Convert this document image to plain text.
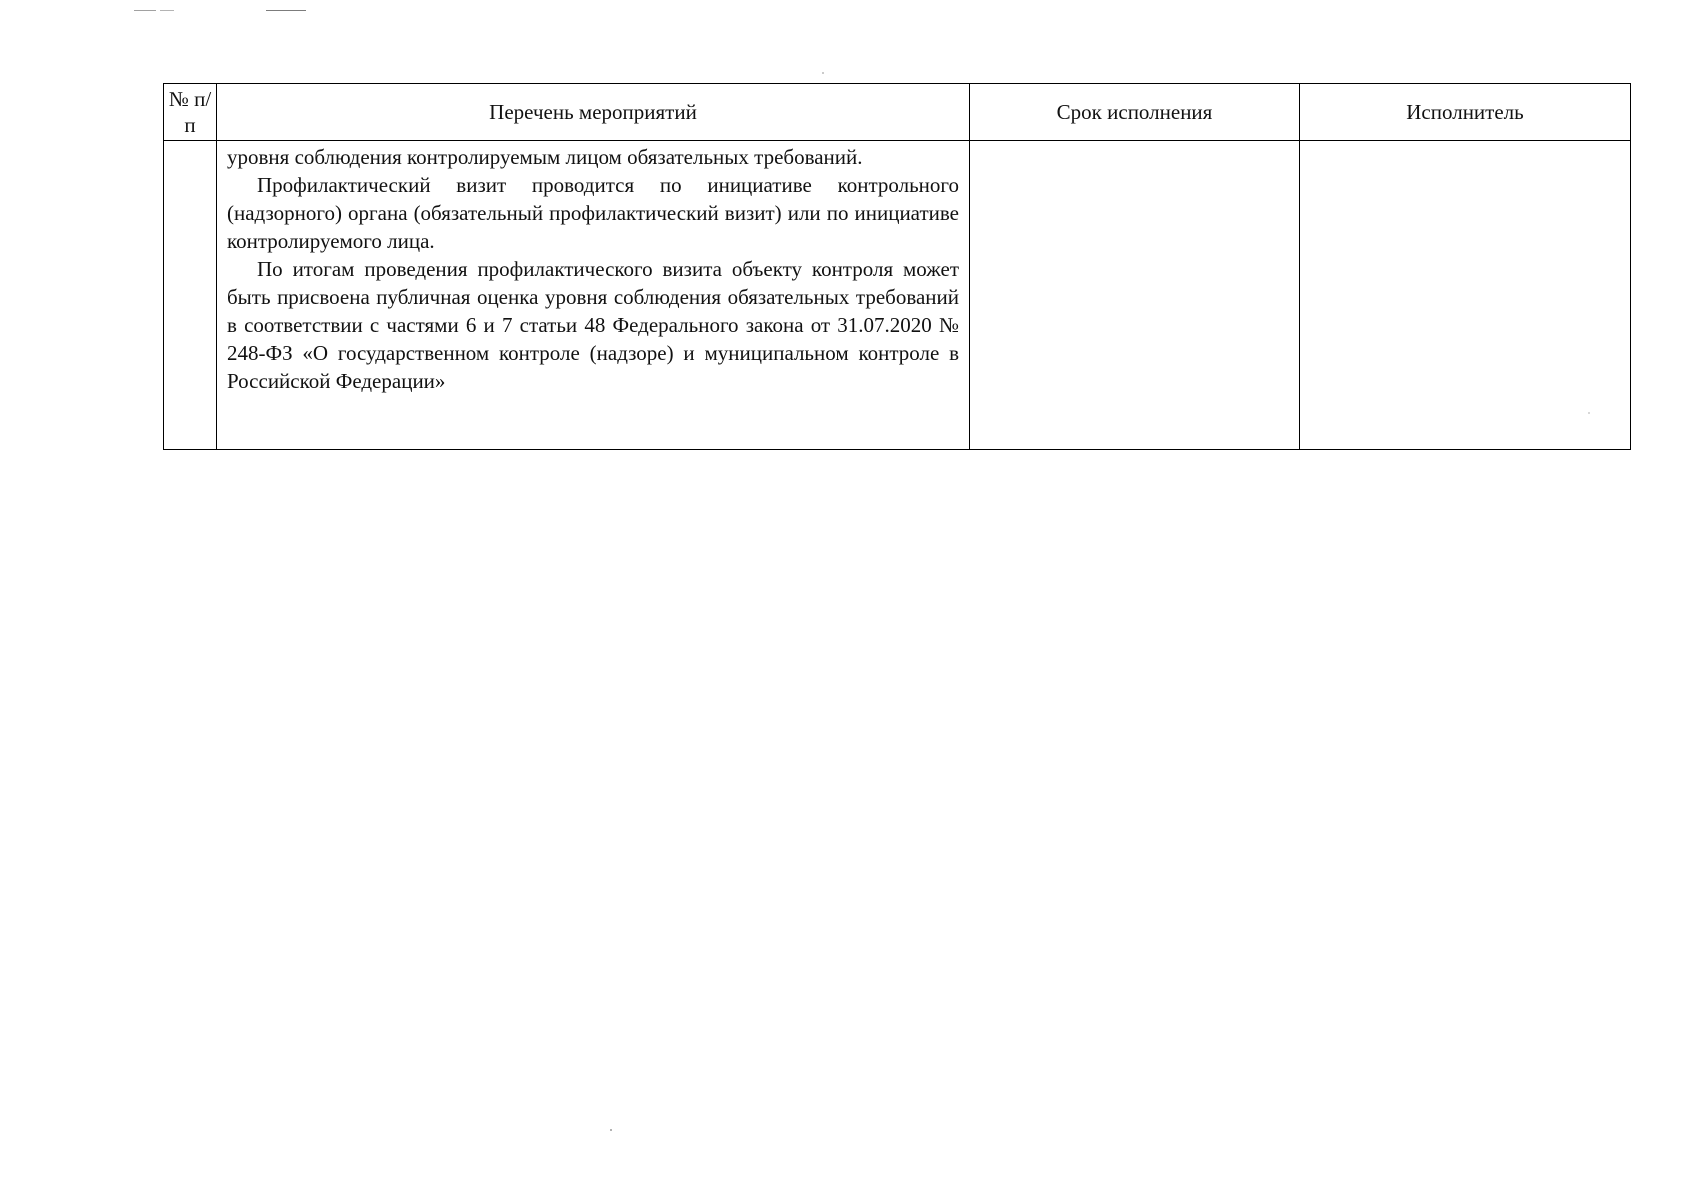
№ п/п	Перечень мероприятий	Срок исполнения	Исполнитель

	уровня соблюдения контролируемым лицом обязательных требований.

Профилактический визит проводится по инициативе контрольного (надзорного) органа (обязательный профилактический визит) или по инициативе контролируемого лица.

По итогам проведения профилактического визита объекту контроля может быть присвоена публичная оценка уровня соблюдения обязательных требований в соответствии с частями 6 и 7 статьи 48 Федерального закона от 31.07.2020 № 248-ФЗ «О государственном контроле (надзоре) и муниципальном контроле в Российской Федерации»		
